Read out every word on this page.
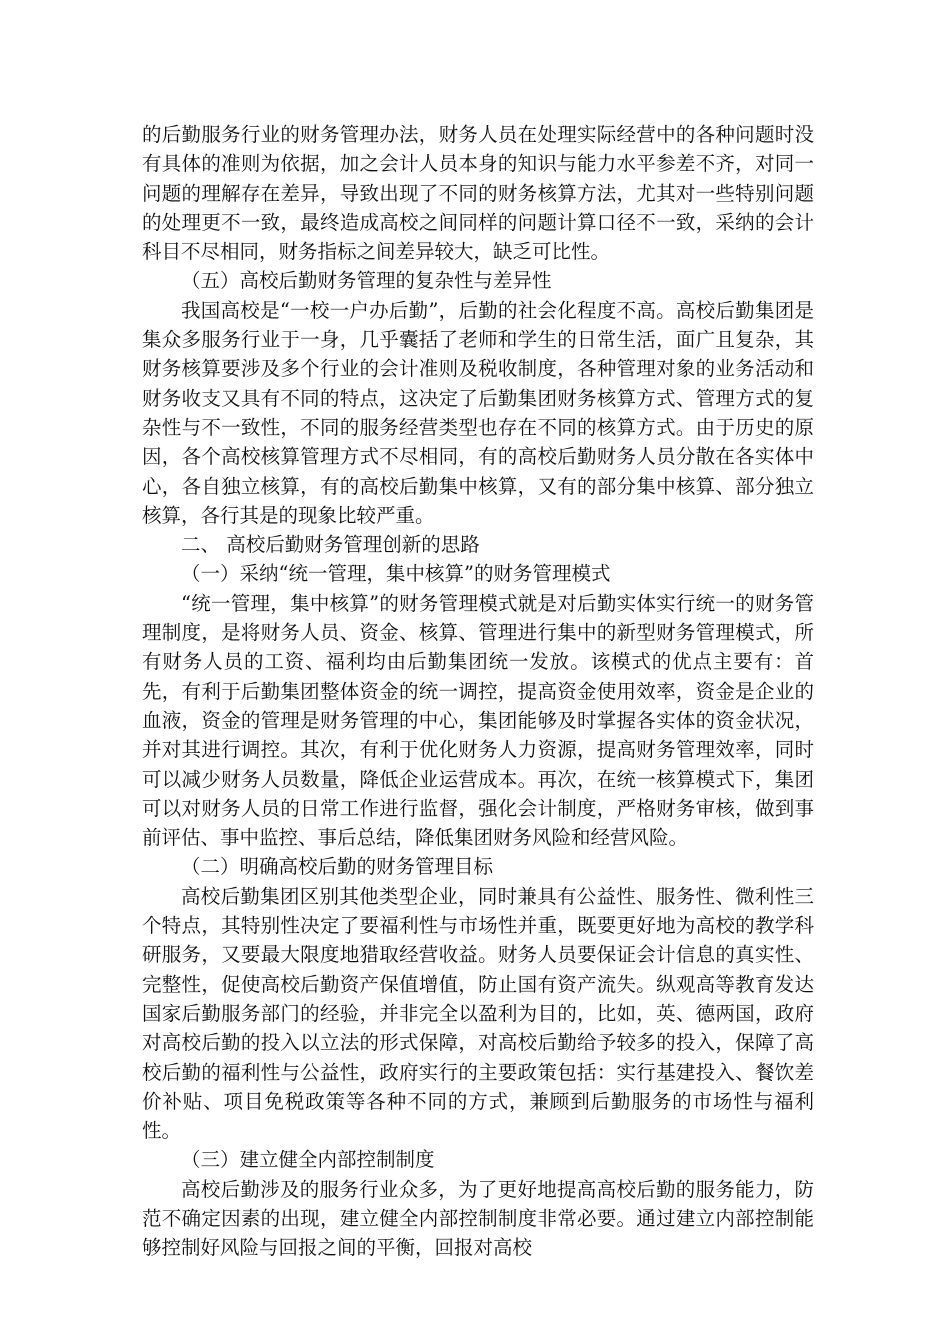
的后勤服务行业的财务管理办法，财务人员在处理实际经营中的各种问题时没有具体的准则为依据，加之会计人员本身的知识与能力水平参差不齐，对同一问题的理解存在差异，导致出现了不同的财务核算方法，尤其对一些特别问题的处理更不一致，最终造成高校之间同样的问题计算口径不一致，采纳的会计科目不尽相同，财务指标之间差异较大，缺乏可比性。

（五）高校后勤财务管理的复杂性与差异性

我国高校是“一校一户办后勤”，后勤的社会化程度不高。高校后勤集团是集众多服务行业于一身，几乎囊括了老师和学生的日常生活，面广且复杂，其财务核算要涉及多个行业的会计准则及税收制度，各种管理对象的业务活动和财务收支又具有不同的特点，这决定了后勤集团财务核算方式、管理方式的复杂性与不一致性，不同的服务经营类型也存在不同的核算方式。由于历史的原因，各个高校核算管理方式不尽相同，有的高校后勤财务人员分散在各实体中心，各自独立核算，有的高校后勤集中核算，又有的部分集中核算、部分独立核算，各行其是的现象比较严重。

二、 高校后勤财务管理创新的思路

（一）采纳“统一管理，集中核算”的财务管理模式

“统一管理，集中核算”的财务管理模式就是对后勤实体实行统一的财务管理制度，是将财务人员、资金、核算、管理进行集中的新型财务管理模式，所有财务人员的工资、福利均由后勤集团统一发放。该模式的优点主要有：首先，有利于后勤集团整体资金的统一调控，提高资金使用效率，资金是企业的血液，资金的管理是财务管理的中心，集团能够及时掌握各实体的资金状况，并对其进行调控。其次，有利于优化财务人力资源，提高财务管理效率，同时可以减少财务人员数量，降低企业运营成本。再次，在统一核算模式下，集团可以对财务人员的日常工作进行监督，强化会计制度，严格财务审核，做到事前评估、事中监控、事后总结，降低集团财务风险和经营风险。

（二）明确高校后勤的财务管理目标

高校后勤集团区别其他类型企业，同时兼具有公益性、服务性、微利性三个特点，其特别性决定了要福利性与市场性并重，既要更好地为高校的教学科研服务，又要最大限度地猎取经营收益。财务人员要保证会计信息的真实性、完整性，促使高校后勤资产保值增值，防止国有资产流失。纵观高等教育发达国家后勤服务部门的经验，并非完全以盈利为目的，比如，英、德两国，政府对高校后勤的投入以立法的形式保障，对高校后勤给予较多的投入，保障了高校后勤的福利性与公益性，政府实行的主要政策包括：实行基建投入、餐饮差价补贴、项目免税政策等各种不同的方式，兼顾到后勤服务的市场性与福利性。

（三）建立健全内部控制制度

高校后勤涉及的服务行业众多，为了更好地提高高校后勤的服务能力，防范不确定因素的出现，建立健全内部控制制度非常必要。通过建立内部控制能够控制好风险与回报之间的平衡，回报对高校
